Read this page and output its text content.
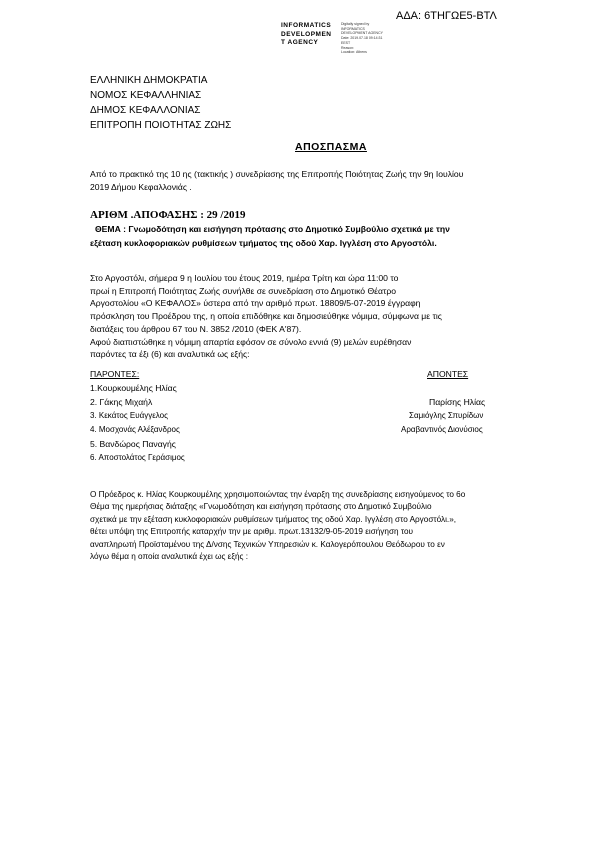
ΑΔΑ: 6ΤΗΓΩΕ5-ΒΤΛ
INFORMATICS
DEVELOPMEN
T AGENCY
Digitally signed by
INFORMATICS
DEVELOPMENT AGENCY
Date: 2019.07.18 09:14:31
EEST
Reason:
Location: Athens
ΕΛΛΗΝΙΚΗ ΔΗΜΟΚΡΑΤΙΑ
ΝΟΜΟΣ ΚΕΦΑΛΛΗΝΙΑΣ
ΔΗΜΟΣ ΚΕΦΑΛΛΟΝΙΑΣ
ΕΠΙΤΡΟΠΗ ΠΟΙΟΤΗΤΑΣ ΖΩΗΣ
ΑΠΟΣΠΑΣΜΑ
Από το πρακτικό της 10 ης (τακτικής ) συνεδρίασης της Επιτροπής Ποιότητας Ζωής την 9η Ιουλίου
2019 Δήμου Κεφαλλονιάς .
ΑΡΙΘΜ .ΑΠΟΦΑΣΗΣ : 29 /2019
ΘΕΜΑ : Γνωμοδότηση και εισήγηση πρότασης στο Δημοτικό Συμβούλιο σχετικά με την
εξέταση κυκλοφοριακών ρυθμίσεων τμήματος της οδού Χαρ. Ιγγλέση στο Αργοστόλι.
Στο Αργοστόλι, σήμερα 9 η Ιουλίου του έτους 2019, ημέρα Τρίτη και ώρα 11:00 το
πρωί η Επιτροπή Ποιότητας Ζωής συνήλθε σε συνεδρίαση στο Δημοτικό Θέατρο
Αργοστολίου «Ο ΚΕΦΑΛΟΣ» ύστερα από την αριθμό πρωτ. 18809/5-07-2019 έγγραφη
πρόσκληση του Προέδρου της, η οποία επιδόθηκε και δημοσιεύθηκε νόμιμα, σύμφωνα με τις
διατάξεις του άρθρου 67 του Ν. 3852 /2010 (ΦΕΚ Α'87).
Αφού διαπιστώθηκε η νόμιμη απαρτία εφόσον σε σύνολο εννιά (9) μελών ευρέθησαν
παρόντες τα έξι (6) και αναλυτικά ως εξής:
ΠΑΡΟΝΤΕΣ:	ΑΠΟΝΤΕΣ
1.Κουρκουμέλης Ηλίας
2. Γάκης Μιχαήλ
3. Κεκάτος Ευάγγελος
4. Μοσχονάς Αλέξανδρος
5. Βανδώρος Παναγής
6. Αποστολάτος Γεράσιμος
Παρίσης Ηλίας
Σαμιόγλης Σπυρίδων
Αραβαντινός Διονύσιος
Ο Πρόεδρος κ. Ηλίας Κουρκουμέλης χρησιμοποιώντας την έναρξη της συνεδρίασης εισηγούμενος το 6ο
Θέμα της ημερήσιας διάταξης «Γνωμοδότηση και εισήγηση πρότασης στο Δημοτικό Συμβούλιο
σχετικά με την εξέταση κυκλοφοριακών ρυθμίσεων τμήματος της οδού Χαρ. Ιγγλέση στο Αργοστόλι.»,
θέτει υπόψη της Επιτροπής καταρχήν την με αριθμ. πρωτ.13132/9-05-2019 εισήγηση του
αναπληρωτή Προϊσταμένου της Δ/νσης Τεχνικών Υπηρεσιών κ. Καλογερόπουλου Θεόδωρου το εν
λόγω θέμα η οποία αναλυτικά έχει ως εξής :
